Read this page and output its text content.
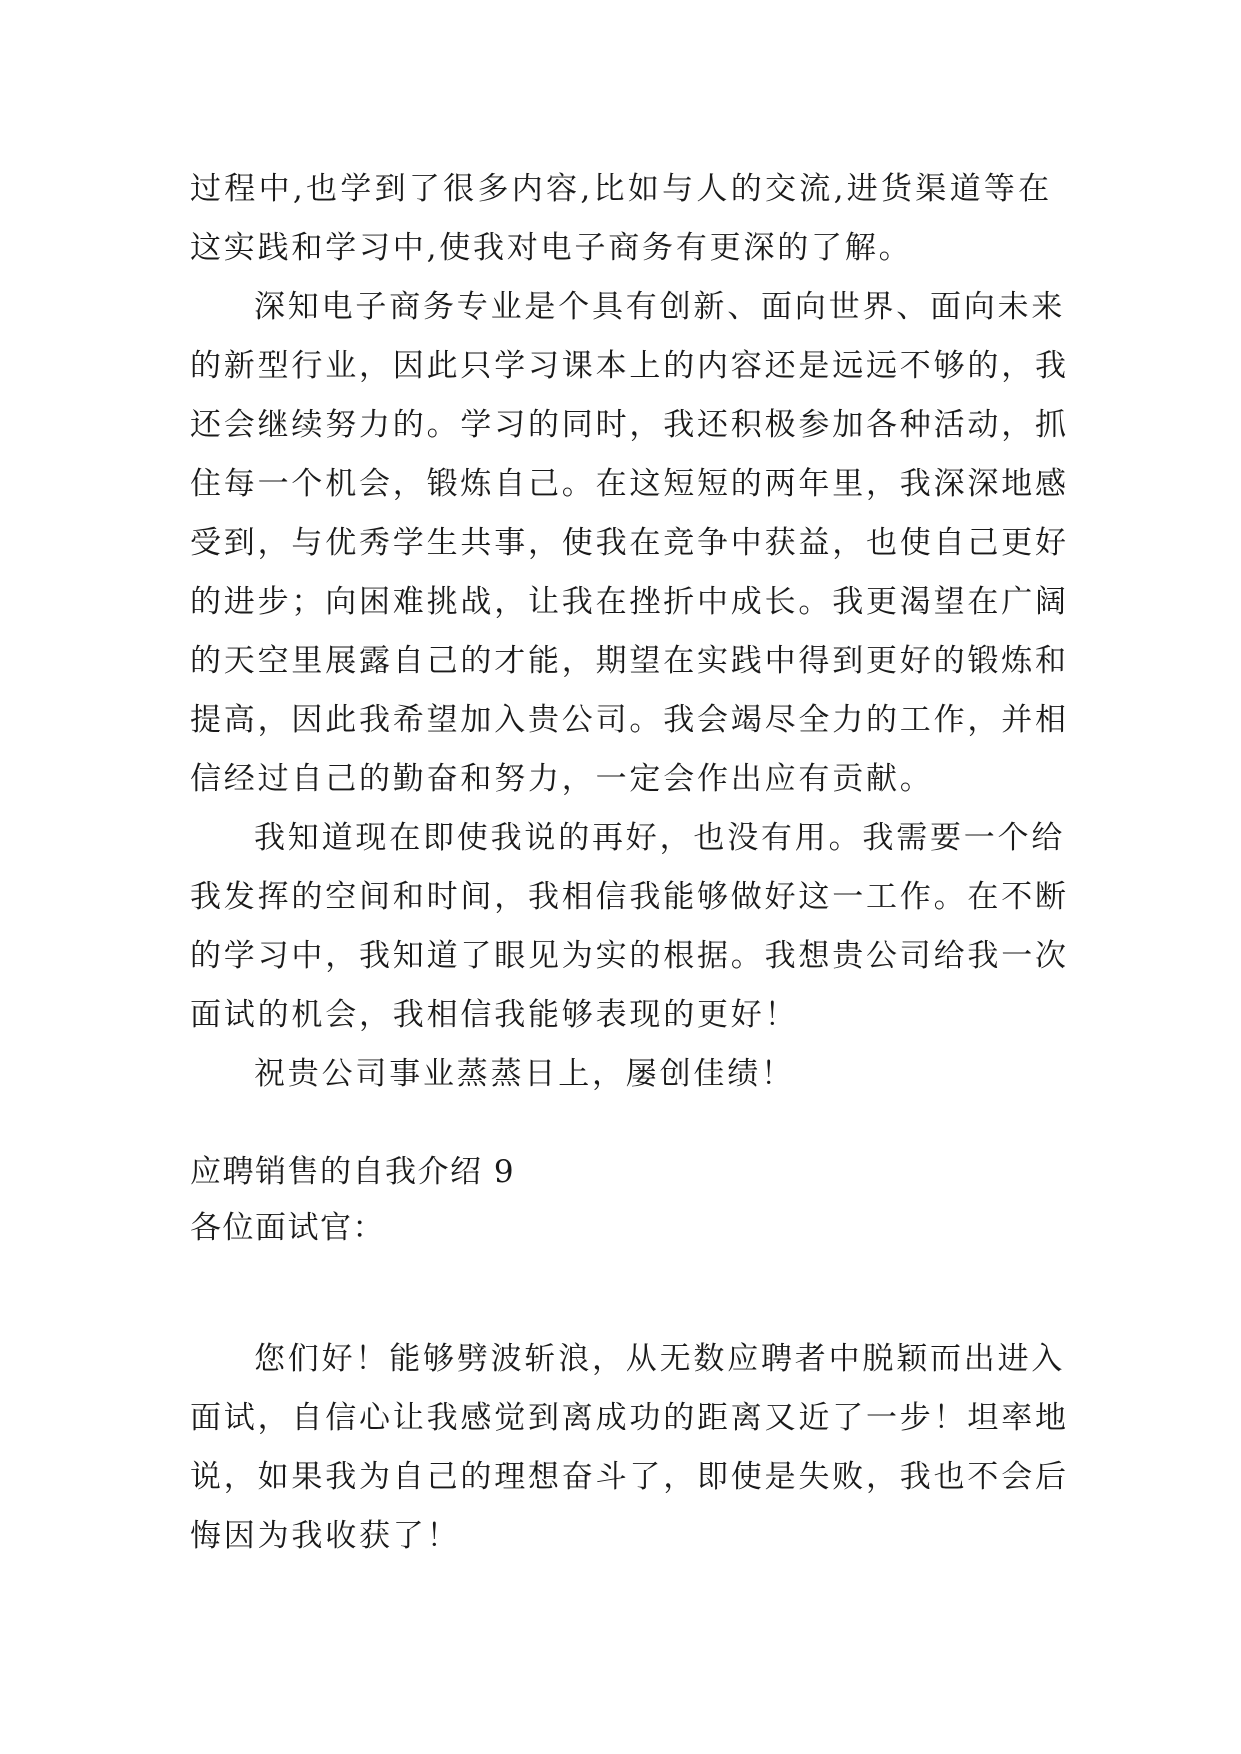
过程中,也学到了很多内容,比如与人的交流,进货渠道等在
这实践和学习中,使我对电子商务有更深的了解。
深知电子商务专业是个具有创新、面向世界、面向未来
的新型行业，因此只学习课本上的内容还是远远不够的，我
还会继续努力的。学习的同时，我还积极参加各种活动，抓
住每一个机会，锻炼自己。在这短短的两年里，我深深地感
受到，与优秀学生共事，使我在竞争中获益，也使自己更好
的进步；向困难挑战，让我在挫折中成长。我更渴望在广阔
的天空里展露自己的才能，期望在实践中得到更好的锻炼和
提高，因此我希望加入贵公司。我会竭尽全力的工作，并相
信经过自己的勤奋和努力，一定会作出应有贡献。
我知道现在即使我说的再好，也没有用。我需要一个给
我发挥的空间和时间，我相信我能够做好这一工作。在不断
的学习中，我知道了眼见为实的根据。我想贵公司给我一次
面试的机会，我相信我能够表现的更好！
祝贵公司事业蒸蒸日上，屡创佳绩！
应聘销售的自我介绍 9
各位面试官：
您们好！能够劈波斩浪，从无数应聘者中脱颖而出进入
面试，自信心让我感觉到离成功的距离又近了一步！坦率地
说，如果我为自己的理想奋斗了，即使是失败，我也不会后
悔因为我收获了！
